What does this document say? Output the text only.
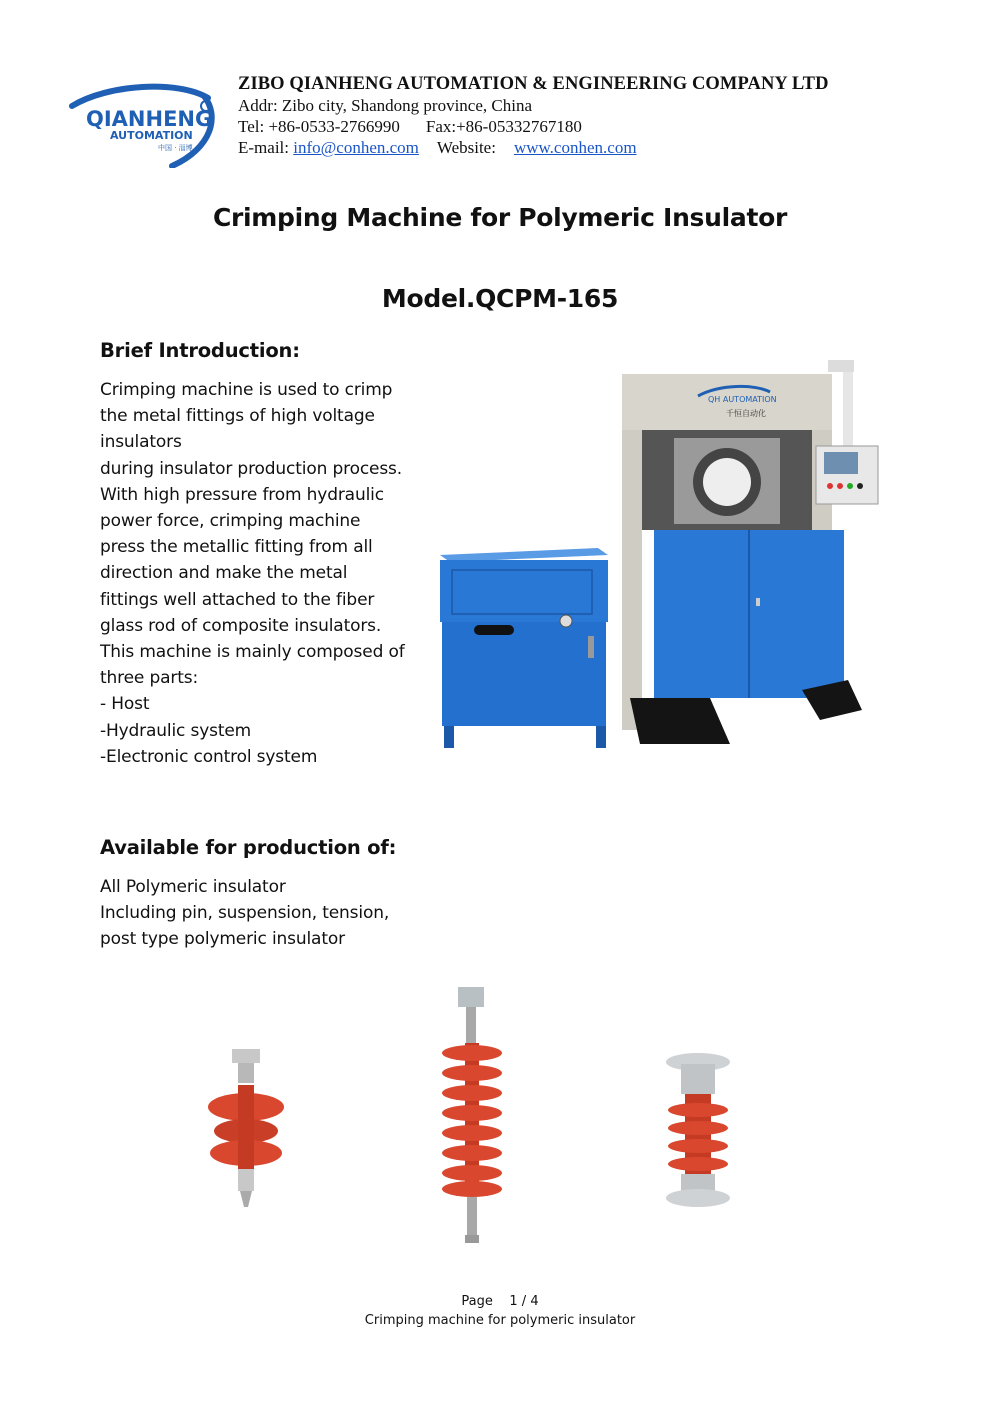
QIANHENG
AUTOMATION
中国 · 淄博
ZIBO QIANHENG AUTOMATION & ENGINEERING COMPANY LTD
Addr: Zibo city, Shandong province, China
Tel: +86-0533-2766990 Fax:+86-05332767180
E-mail: info@conhen.com Website: www.conhen.com
Crimping Machine for Polymeric Insulator
Model.QCPM-165
Brief Introduction:
Crimping machine is used to crimp
the metal fittings of high voltage
insulators
during insulator production process.
With high pressure from hydraulic
power force, crimping machine
press the metallic fitting from all
direction and make the metal
fittings well attached to the fiber
glass rod of composite insulators.
This machine is mainly composed of
three parts:
- Host
-Hydraulic system
-Electronic control system
QH AUTOMATION
千恒自动化
Available for production of:
All Polymeric insulator
Including pin, suspension, tension,
post type polymeric insulator
Page    1 / 4
Crimping machine for polymeric insulator
